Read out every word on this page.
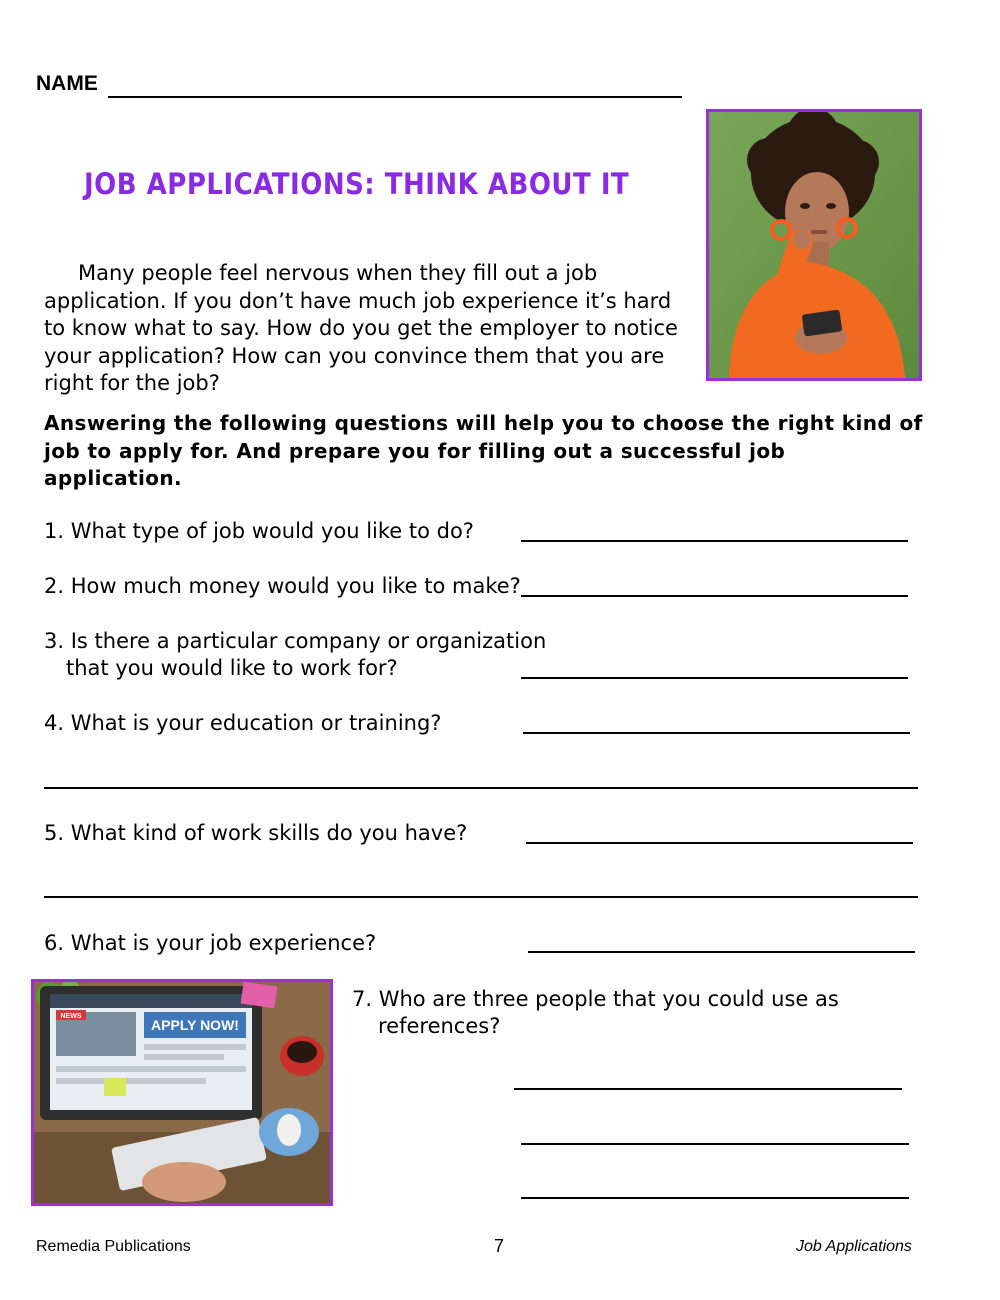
NAME
JOB APPLICATIONS: THINK ABOUT IT
Many people feel nervous when they fill out a job
application. If you don’t have much job experience it’s hard
to know what to say. How do you get the employer to notice
your application? How can you convince them that you are
right for the job?
Answering the following questions will help you to choose the right kind of
job to apply for. And prepare you for filling out a successful job application.
1. What type of job would you like to do?
2. How much money would you like to make?
3. Is there a particular company or organization
that you would like to work for?
4. What is your education or training?
5. What kind of work skills do you have?
6. What is your job experience?
APPLY NOW!
NEWS
7. Who are three people that you could use as
references?
Remedia Publications	7	Job Applications
